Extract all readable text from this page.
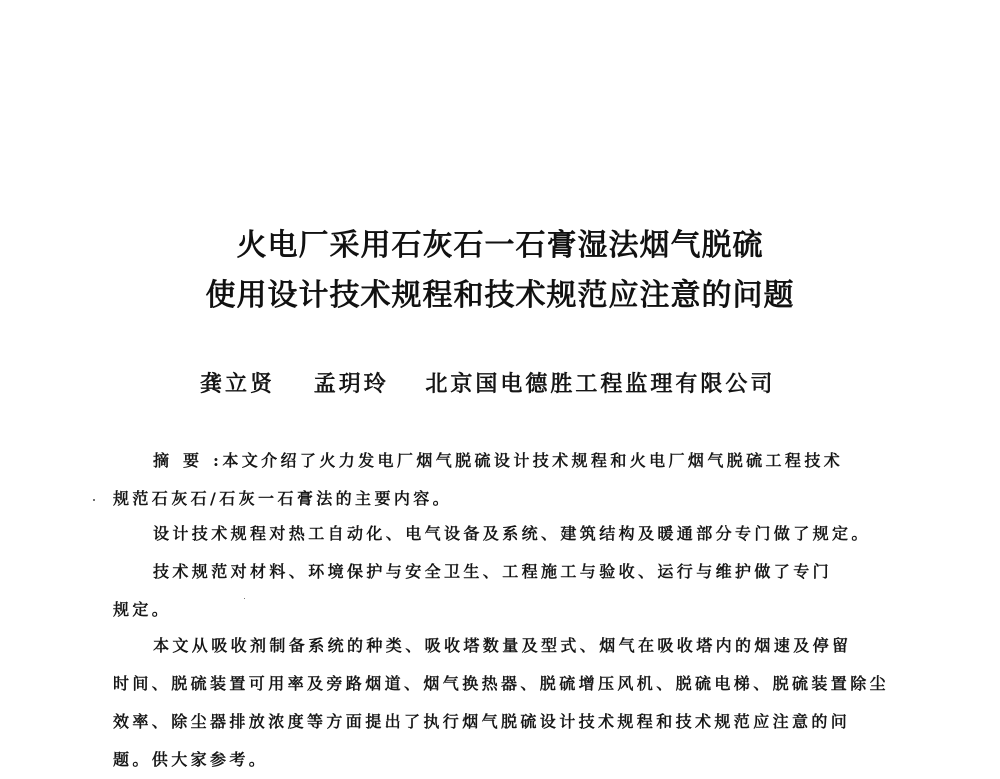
火电厂采用石灰石一石膏湿法烟气脱硫
使用设计技术规程和技术规范应注意的问题
龚立贤 孟玥玲 北京国电德胜工程监理有限公司
摘要:本文介绍了火力发电厂烟气脱硫设计技术规程和火电厂烟气脱硫工程技术
规范石灰石/石灰一石膏法的主要内容。
设计技术规程对热工自动化、电气设备及系统、建筑结构及暖通部分专门做了规定。
技术规范对材料、环境保护与安全卫生、工程施工与验收、运行与维护做了专门
规定。
本文从吸收剂制备系统的种类、吸收塔数量及型式、烟气在吸收塔内的烟速及停留
时间、脱硫装置可用率及旁路烟道、烟气换热器、脱硫增压风机、脱硫电梯、脱硫装置除尘
效率、除尘器排放浓度等方面提出了执行烟气脱硫设计技术规程和技术规范应注意的问
题。供大家参考。
